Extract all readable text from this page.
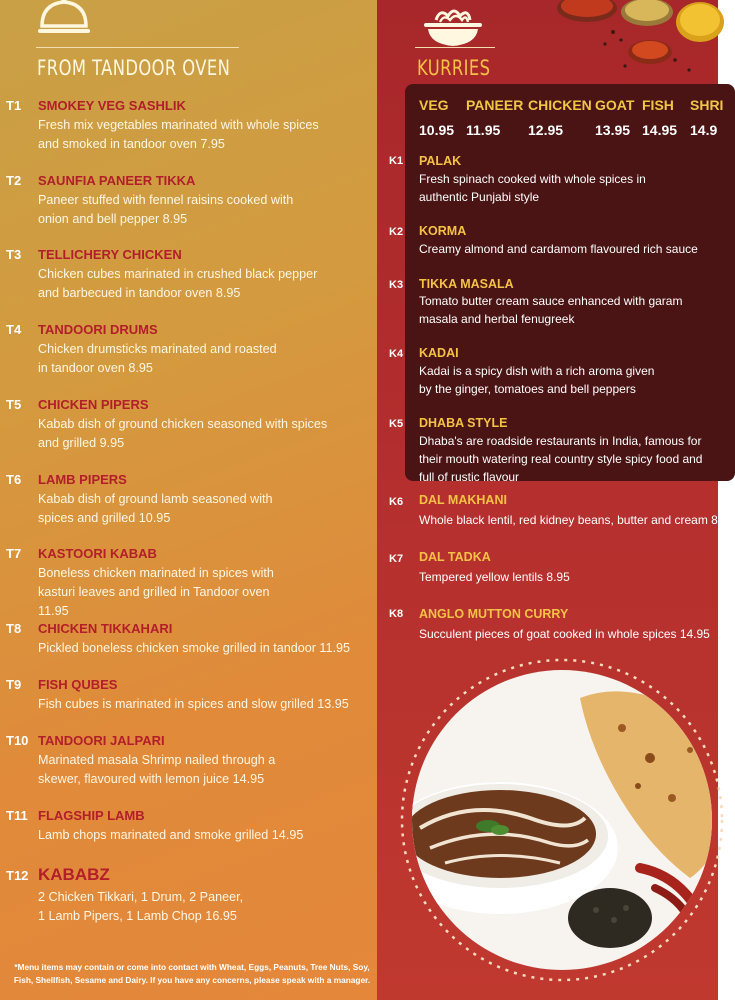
FROM TANDOOR OVEN
T1 SMOKEY VEG SASHLIK
Fresh mix vegetables marinated with whole spices and smoked in tandoor oven 7.95
T2 SAUNFIA PANEER TIKKA
Paneer stuffed with fennel raisins cooked with onion and bell pepper 8.95
T3 TELLICHERY CHICKEN
Chicken cubes marinated in crushed black pepper and barbecued in tandoor oven 8.95
T4 TANDOORI DRUMS
Chicken drumsticks marinated and roasted in tandoor oven 8.95
T5 CHICKEN PIPERS
Kabab dish of ground chicken seasoned with spices and grilled 9.95
T6 LAMB PIPERS
Kabab dish of ground lamb seasoned with spices and grilled 10.95
T7 KASTOORI KABAB
Boneless chicken marinated in spices with kasturi leaves and grilled in Tandoor oven 11.95
T8 CHICKEN TIKKAHARI
Pickled boneless chicken smoke grilled in tandoor 11.95
T9 FISH QUBES
Fish cubes is marinated in spices and slow grilled 13.95
T10 TANDOORI JALPARI
Marinated masala Shrimp nailed through a skewer, flavoured with lemon juice 14.95
T11 FLAGSHIP LAMB
Lamb chops marinated and smoke grilled 14.95
T12 KABABZ
2 Chicken Tikkari, 1 Drum, 2 Paneer, 1 Lamb Pipers, 1 Lamb Chop 16.95
*Menu items may contain or come into contact with Wheat, Eggs, Peanuts, Tree Nuts, Soy,
Fish, Shellfish, Sesame and Dairy. If you have any concerns, please speak with a manager.
KURRIES
VEG PANEER CHICKEN GOAT FISH SHRI
10.95 11.95 12.95 13.95 14.95 14.9
K1 PALAK
Fresh spinach cooked with whole spices in authentic Punjabi style
K2 KORMA
Creamy almond and cardamom flavoured rich sauce
K3 TIKKA MASALA
Tomato butter cream sauce enhanced with garam masala and herbal fenugreek
K4 KADAI
Kadai is a spicy dish with a rich aroma given by the ginger, tomatoes and bell peppers
K5 DHABA STYLE
Dhaba's are roadside restaurants in India, famous for their mouth watering real country style spicy food and full of rustic flavour
K6 DAL MAKHANI
Whole black lentil, red kidney beans, butter and cream 8.95
K7 DAL TADKA
Tempered yellow lentils 8.95
K8 ANGLO MUTTON CURRY
Succulent pieces of goat cooked in whole spices 14.95
